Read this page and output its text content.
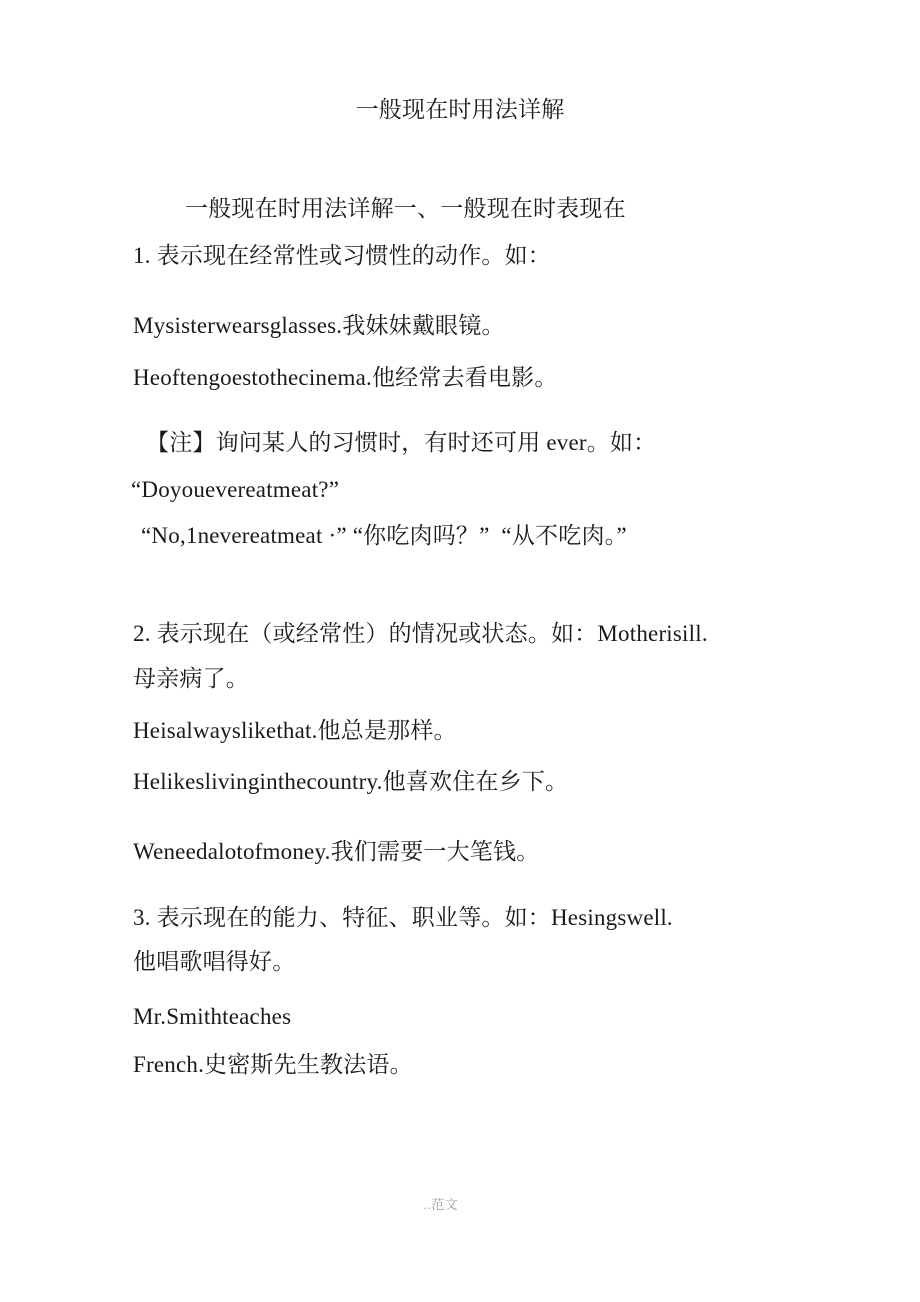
一般现在时用法详解
一般现在时用法详解一、一般现在时表现在
1. 表示现在经常性或习惯性的动作。如：
Mysisterwearsglasses.我妹妹戴眼镜。
Heoftengoestothecinema.他经常去看电影。
【注】询问某人的习惯时，有时还可用 ever。如：
“Doyouevereatmeat?”
“No,1nevereatmeat ·” “你吃肉吗？”  “从不吃肉。”
2. 表示现在（或经常性）的情况或状态。如：Motherisill.
母亲病了。
Heisalwayslikethat.他总是那样。
Helikeslivinginthecountry.他喜欢住在乡下。
Weneedalotofmoney.我们需要一大笔钱。
3. 表示现在的能力、特征、职业等。如：Hesingswell.
他唱歌唱得好。
Mr.Smithteaches
French.史密斯先生教法语。
..范文
